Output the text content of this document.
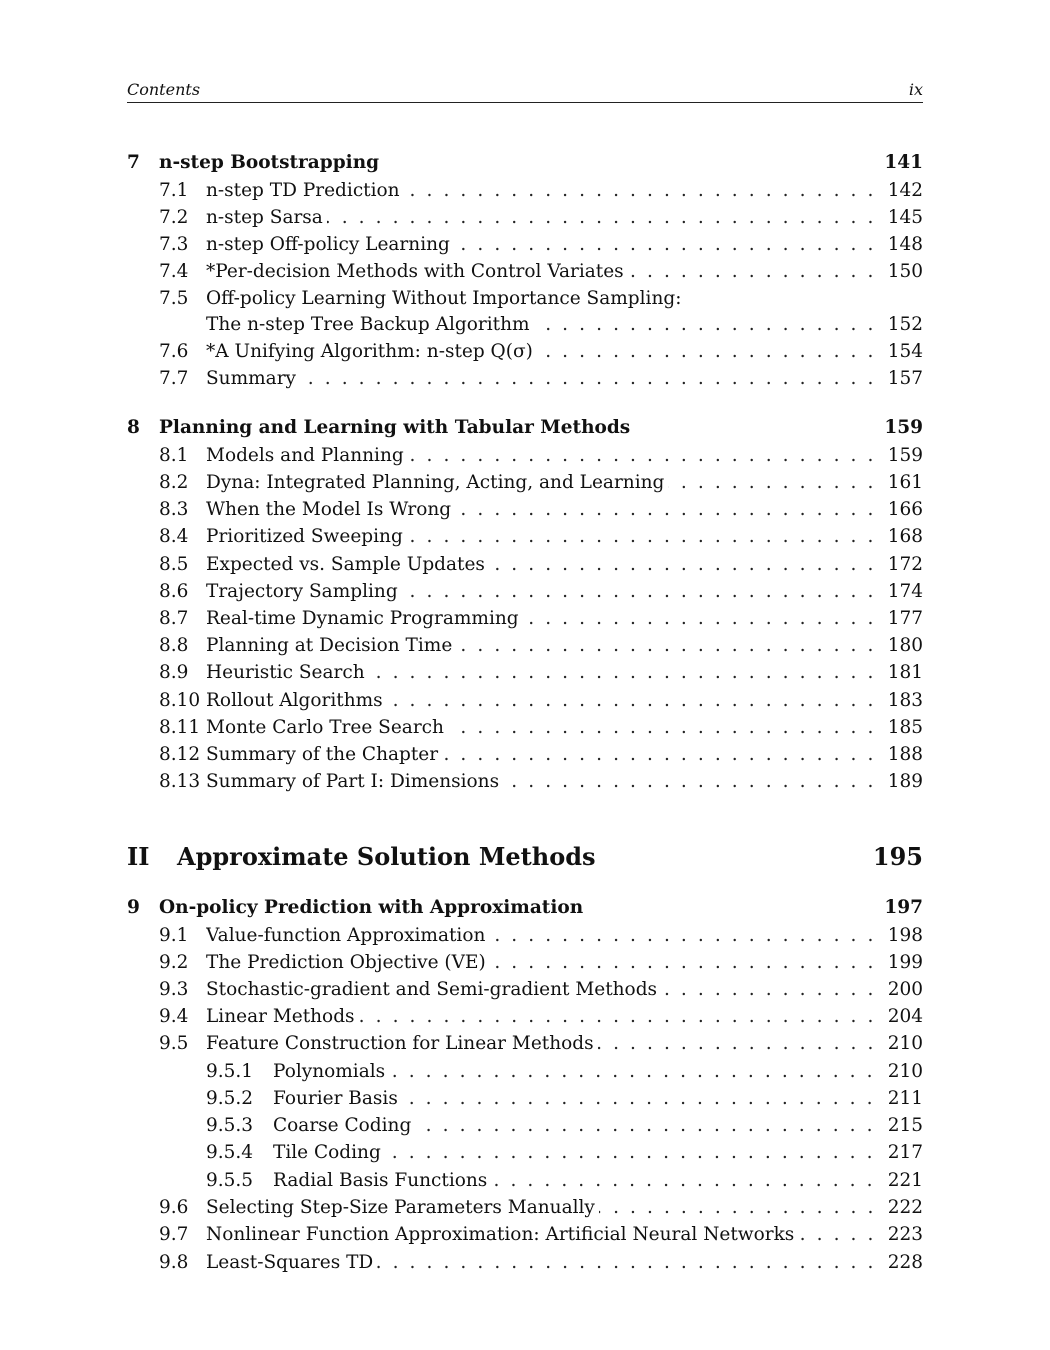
Contents	ix
7 n-step Bootstrapping	141
7.1 n-step TD Prediction . . .	142
7.2 n-step Sarsa . . .	145
7.3 n-step Off-policy Learning . . .	148
7.4 *Per-decision Methods with Control Variates . . .	150
7.5 Off-policy Learning Without Importance Sampling:
The n-step Tree Backup Algorithm . . .	152
7.6 *A Unifying Algorithm: n-step Q(σ) . . .	154
7.7 Summary . . .	157
8 Planning and Learning with Tabular Methods	159
8.1 Models and Planning . . .	159
8.2 Dyna: Integrated Planning, Acting, and Learning . . .	161
8.3 When the Model Is Wrong . . .	166
8.4 Prioritized Sweeping . . .	168
8.5 Expected vs. Sample Updates . . .	172
8.6 Trajectory Sampling . . .	174
8.7 Real-time Dynamic Programming . . .	177
8.8 Planning at Decision Time . . .	180
8.9 Heuristic Search . . .	181
8.10 Rollout Algorithms . . .	183
8.11 Monte Carlo Tree Search . . .	185
8.12 Summary of the Chapter . . .	188
8.13 Summary of Part I: Dimensions . . .	189
II Approximate Solution Methods	195
9 On-policy Prediction with Approximation	197
9.1 Value-function Approximation . . .	198
9.2 The Prediction Objective (VE) . . .	199
9.3 Stochastic-gradient and Semi-gradient Methods . . .	200
9.4 Linear Methods . . .	204
9.5 Feature Construction for Linear Methods . . .	210
9.5.1 Polynomials . . .	210
9.5.2 Fourier Basis . . .	211
9.5.3 Coarse Coding . . .	215
9.5.4 Tile Coding . . .	217
9.5.5 Radial Basis Functions . . .	221
9.6 Selecting Step-Size Parameters Manually . . .	222
9.7 Nonlinear Function Approximation: Artificial Neural Networks . . .	223
9.8 Least-Squares TD . . .	228
